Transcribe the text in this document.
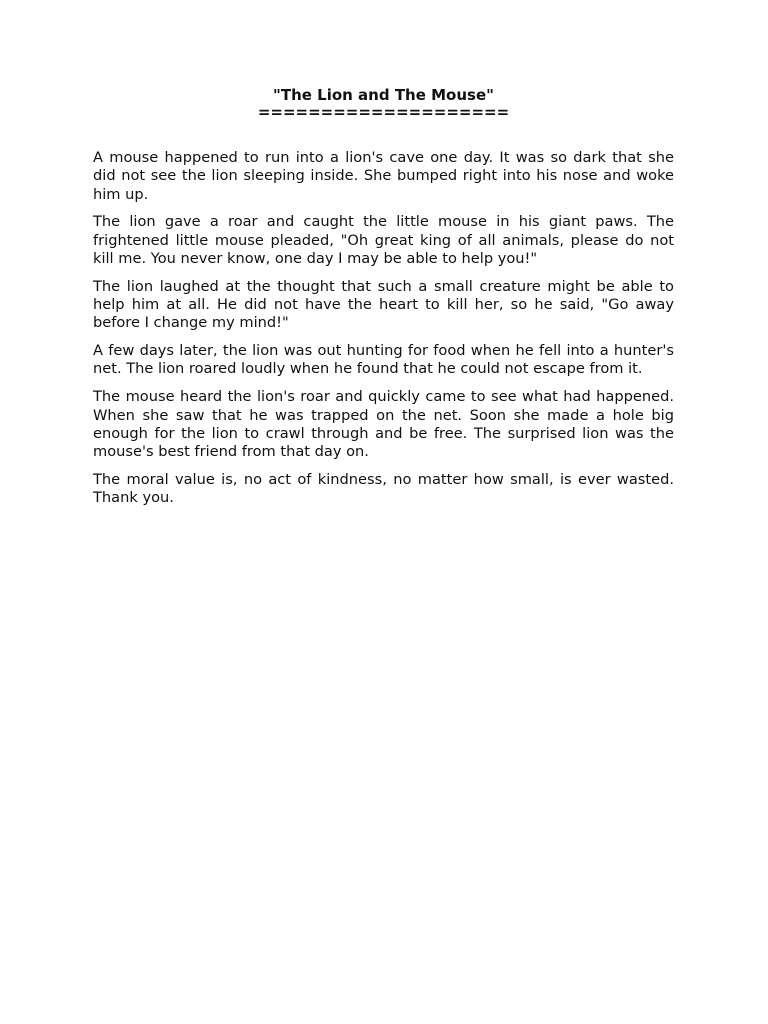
"The Lion and The Mouse"
====================

A mouse happened to run into a lion's cave one day. It was so dark that she did not see the lion sleeping inside. She bumped right into his nose and woke him up.

The lion gave a roar and caught the little mouse in his giant paws. The frightened little mouse pleaded, "Oh great king of all animals, please do not kill me. You never know, one day I may be able to help you!"

The lion laughed at the thought that such a small creature might be able to help him at all. He did not have the heart to kill her, so he said, "Go away before I change my mind!"

A few days later, the lion was out hunting for food when he fell into a hunter's net. The lion roared loudly when he found that he could not escape from it.

The mouse heard the lion's roar and quickly came to see what had happened. When she saw that he was trapped on the net. Soon she made a hole big enough for the lion to crawl through and be free. The surprised lion was the mouse's best friend from that day on.

The moral value is, no act of kindness, no matter how small, is ever wasted. Thank you.
